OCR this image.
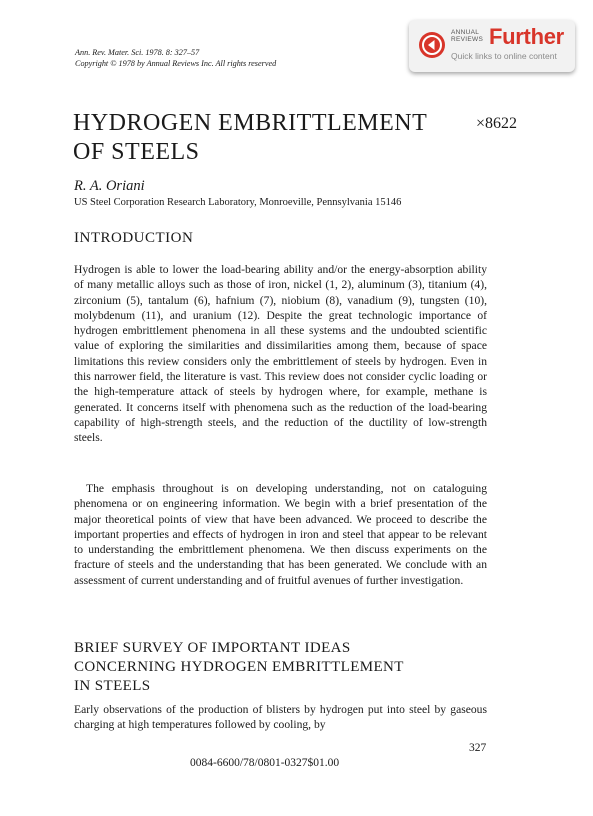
Ann. Rev. Mater. Sci. 1978. 8: 327–57
Copyright © 1978 by Annual Reviews Inc. All rights reserved
ANNUAL
REVIEWS Further
Quick links to online content
HYDROGEN EMBRITTLEMENT
OF STEELS
×8622
R. A. Oriani
US Steel Corporation Research Laboratory, Monroeville, Pennsylvania 15146
INTRODUCTION

Hydrogen is able to lower the load-bearing ability and/or the energy-absorption ability of many metallic alloys such as those of iron, nickel (1, 2), aluminum (3), titanium (4), zirconium (5), tantalum (6), hafnium (7), niobium (8), vanadium (9), tungsten (10), molybdenum (11), and uranium (12). Despite the great technologic importance of hydrogen embrittlement phenomena in all these systems and the undoubted scientific value of exploring the similarities and dissimilarities among them, because of space limitations this review considers only the embrittlement of steels by hydrogen. Even in this narrower field, the literature is vast. This review does not consider cyclic loading or the high-temperature attack of steels by hydrogen where, for example, methane is generated. It concerns itself with phenomena such as the reduction of the load-bearing capability of high-strength steels, and the reduction of the ductility of low-strength steels.

The emphasis throughout is on developing understanding, not on cataloguing phenomena or on engineering information. We begin with a brief presentation of the major theoretical points of view that have been advanced. We proceed to describe the important properties and effects of hydrogen in iron and steel that appear to be relevant to understanding the embrittlement phenomena. We then discuss experiments on the fracture of steels and the understanding that has been generated. We conclude with an assessment of current understanding and of fruitful avenues of further investigation.

BRIEF SURVEY OF IMPORTANT IDEAS
CONCERNING HYDROGEN EMBRITTLEMENT
IN STEELS

Early observations of the production of blisters by hydrogen put into steel by gaseous charging at high temperatures followed by cooling, by

327
0084-6600/78/0801-0327$01.00
